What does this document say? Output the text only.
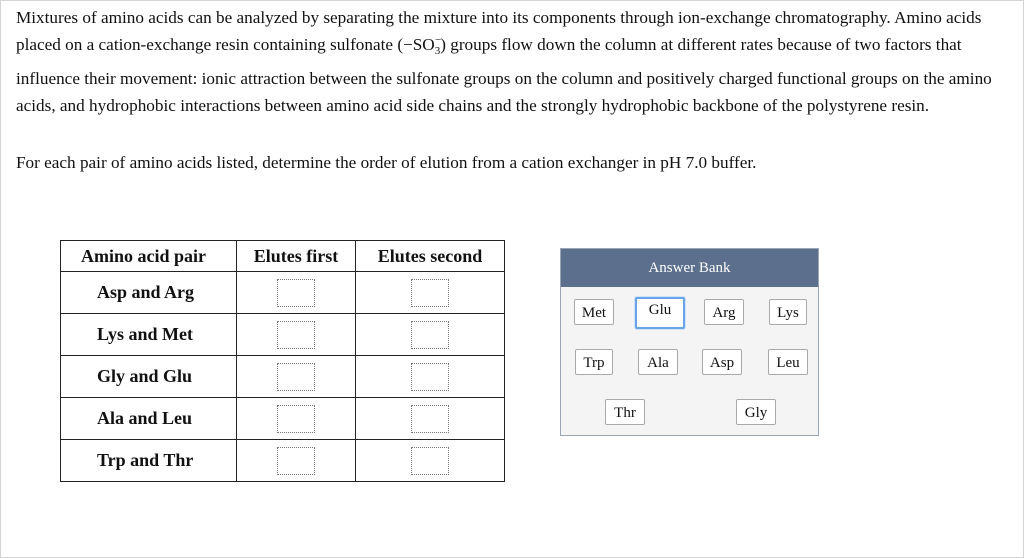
Mixtures of amino acids can be analyzed by separating the mixture into its components through ion-exchange chromatography. Amino acids placed on a cation-exchange resin containing sulfonate ($-SO_3$
− ) groups flow down the column at different rates because of two factors that influence their movement: ionic attraction between the sulfonate groups on the column and positively charged functional groups on the amino acids, and hydrophobic interactions between amino acid side chains and the strongly hydrophobic backbone of the polystyrene resin.
For each pair of amino acids listed, determine the order of elution from a cation exchanger in pH 7.0 buffer.
Amino acid pair	Elutes first	Elutes second
Asp and Arg		
Lys and Met		
Gly and Glu		
Ala and Leu		
Trp and Thr		
Answer Bank
Met	Glu	Arg	Lys
Trp	Ala	Asp	Leu
Thr	Gly
